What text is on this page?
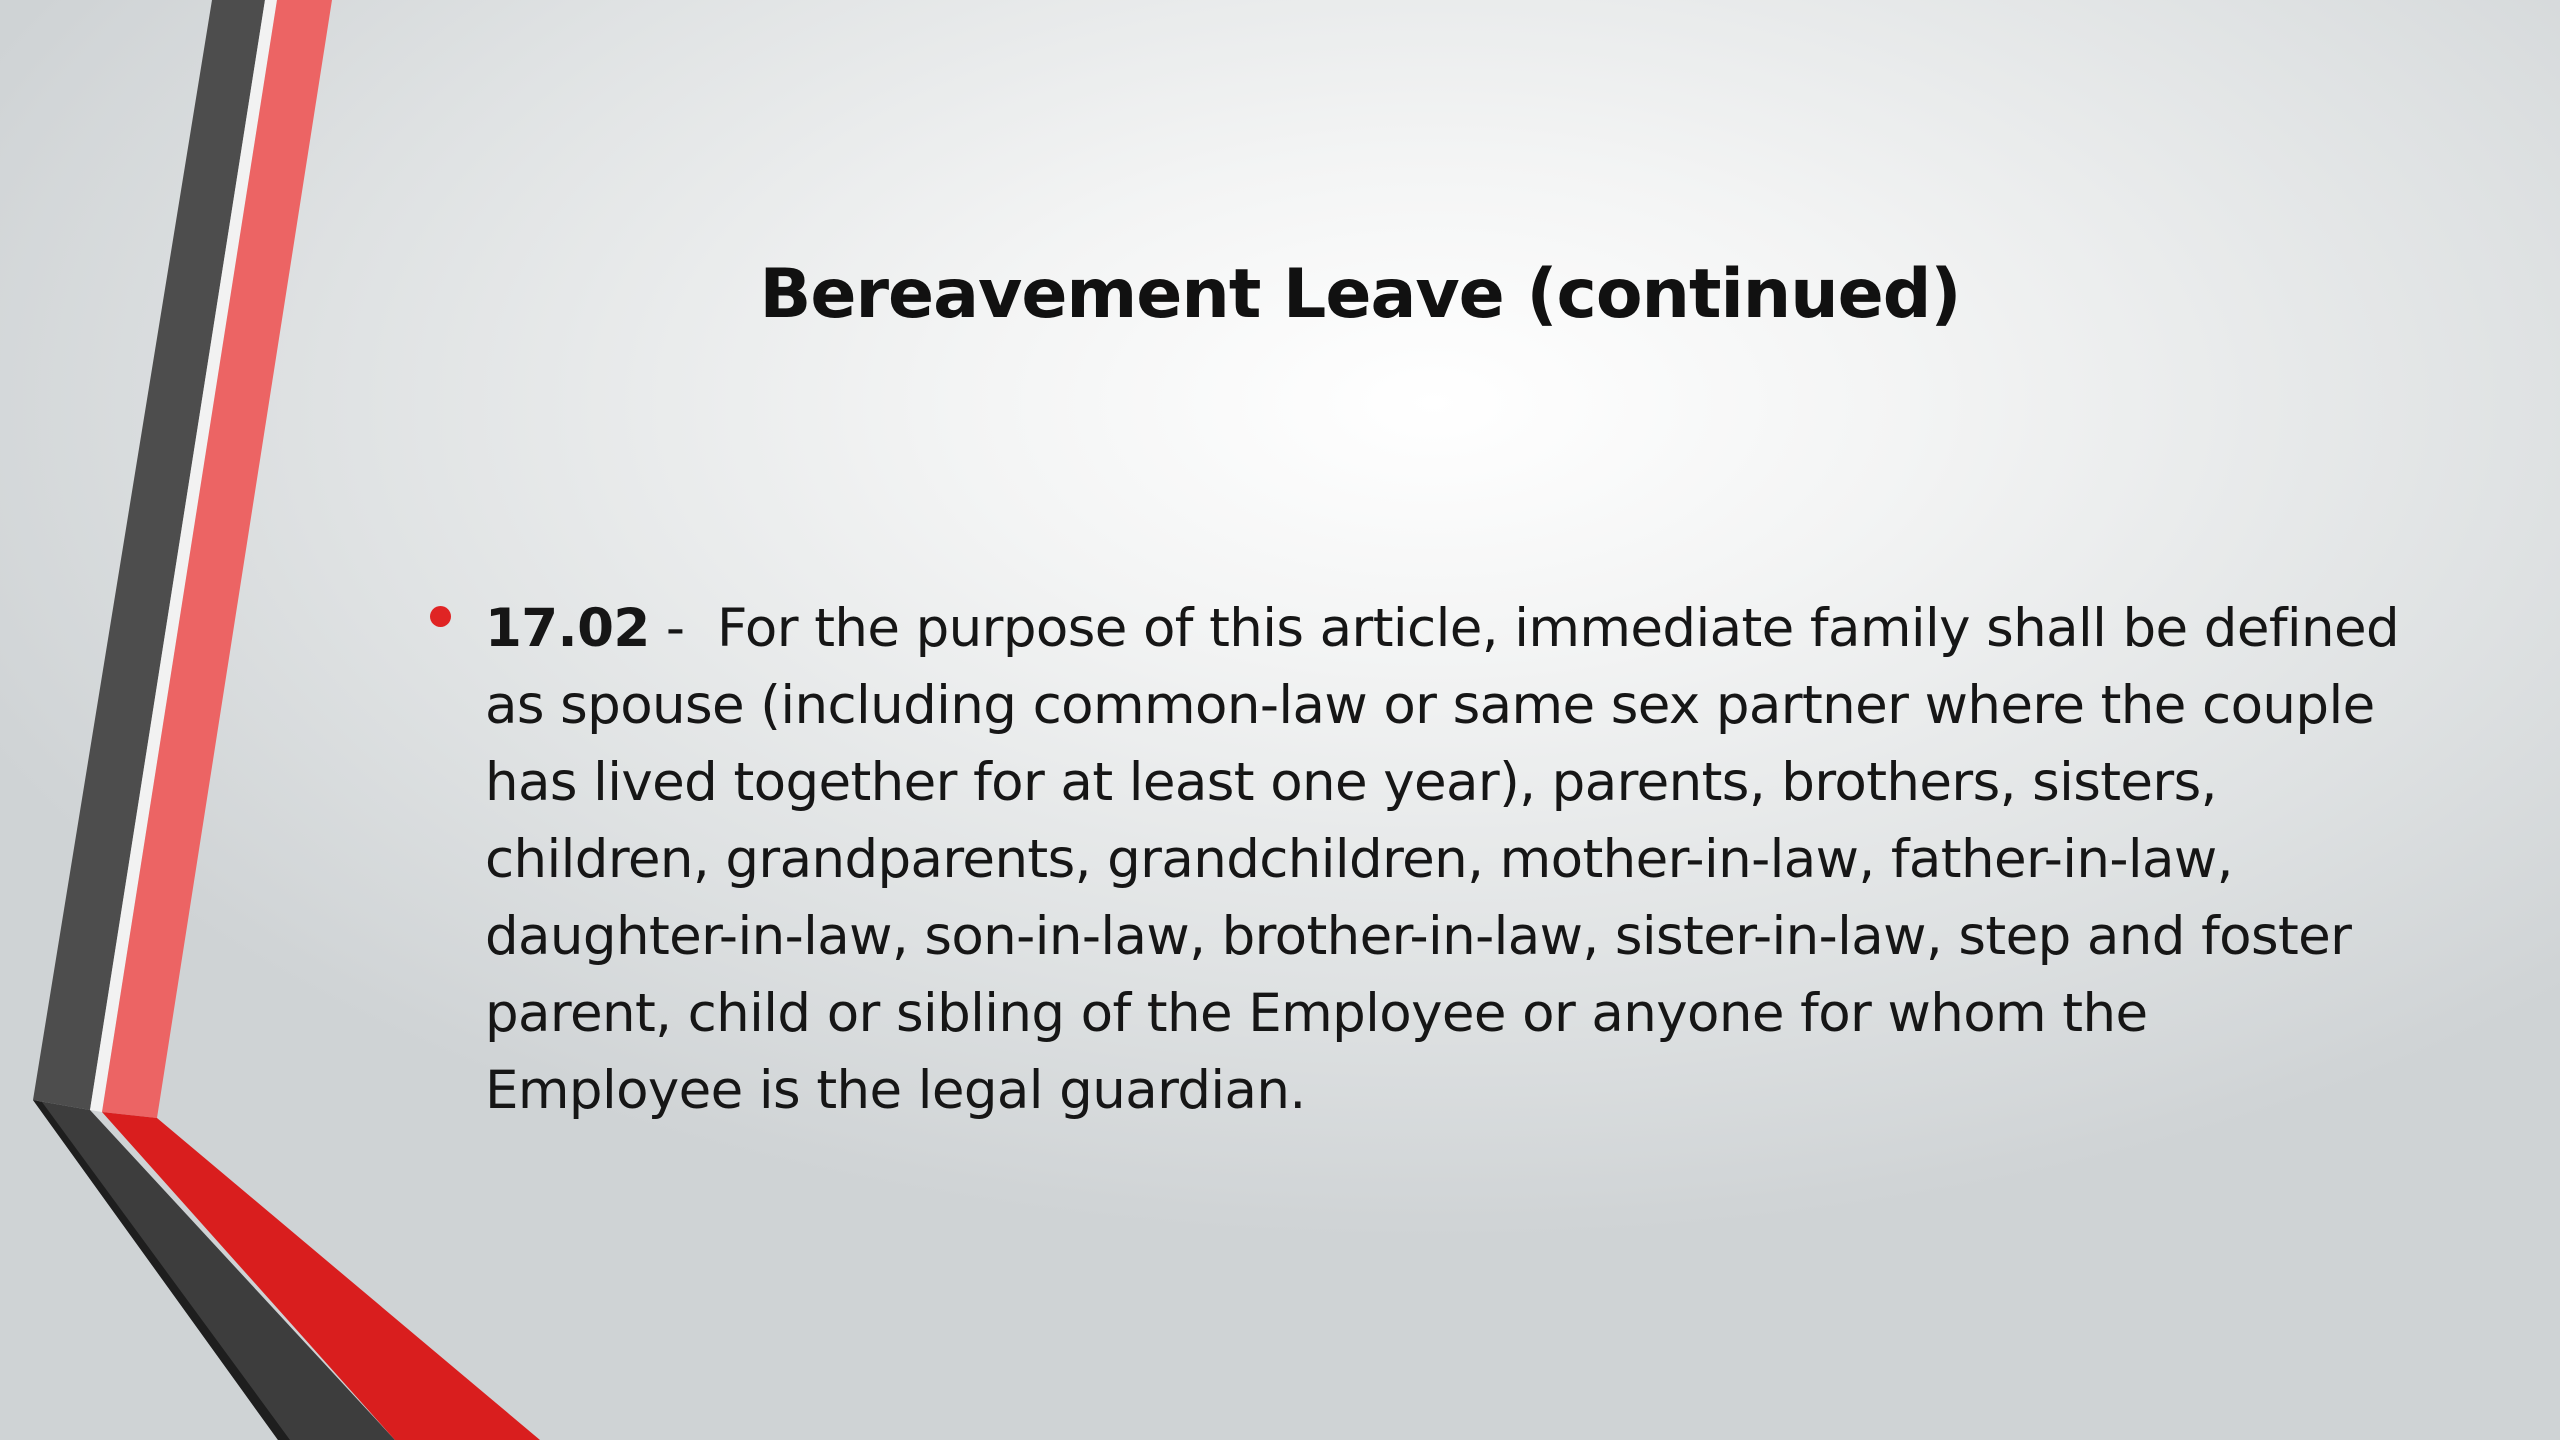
Bereavement Leave (continued)
17.02 -  For the purpose of this article, immediate family shall be defined as spouse (including common-law or same sex partner where the couple has lived together for at least one year), parents, brothers, sisters, children, grandparents, grandchildren, mother-in-law, father-in-law, daughter-in-law, son-in-law, brother-in-law, sister-in-law, step and foster parent, child or sibling of the Employee or anyone for whom the Employee is the legal guardian.
